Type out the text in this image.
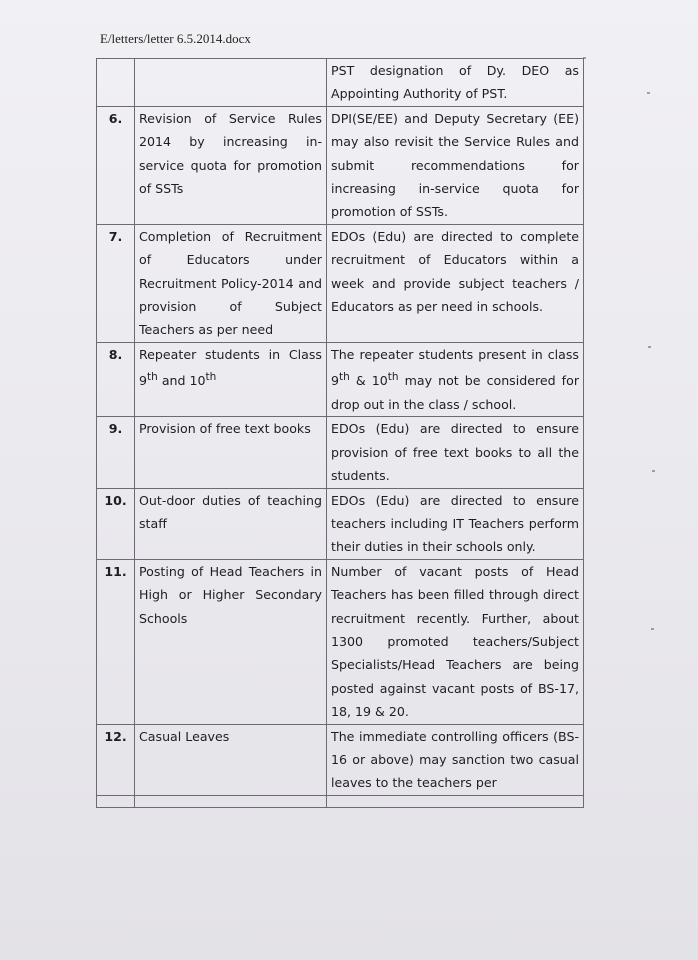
E/letters/letter 6.5.2014.docx
		PST designation of Dy. DEO as Appointing Authority of PST.
6.	Revision of Service Rules 2014 by increasing in-service quota for promotion of SSTs	DPI(SE/EE) and Deputy Secretary (EE) may also revisit the Service Rules and submit recommendations for increasing in-service quota for promotion of SSTs.
7.	Completion of Recruitment of Educators under Recruitment Policy-2014 and provision of Subject Teachers as per need	EDOs (Edu) are directed to complete recruitment of Educators within a week and provide subject teachers / Educators as per need in schools.
8.	Repeater students in Class 9th and 10th	The repeater students present in class 9th & 10th may not be considered for drop out in the class / school.
9.	Provision of free text books	EDOs (Edu) are directed to ensure provision of free text books to all the students.
10.	Out-door duties of teaching staff	EDOs (Edu) are directed to ensure teachers including IT Teachers perform their duties in their schools only.
11.	Posting of Head Teachers in High or Higher Secondary Schools	Number of vacant posts of Head Teachers has been filled through direct recruitment recently. Further, about 1300 promoted teachers/Subject Specialists/Head Teachers are being posted against vacant posts of BS-17, 18, 19 & 20.
12.	Casual Leaves	The immediate controlling officers (BS-16 or above) may sanction two casual leaves to the teachers per
